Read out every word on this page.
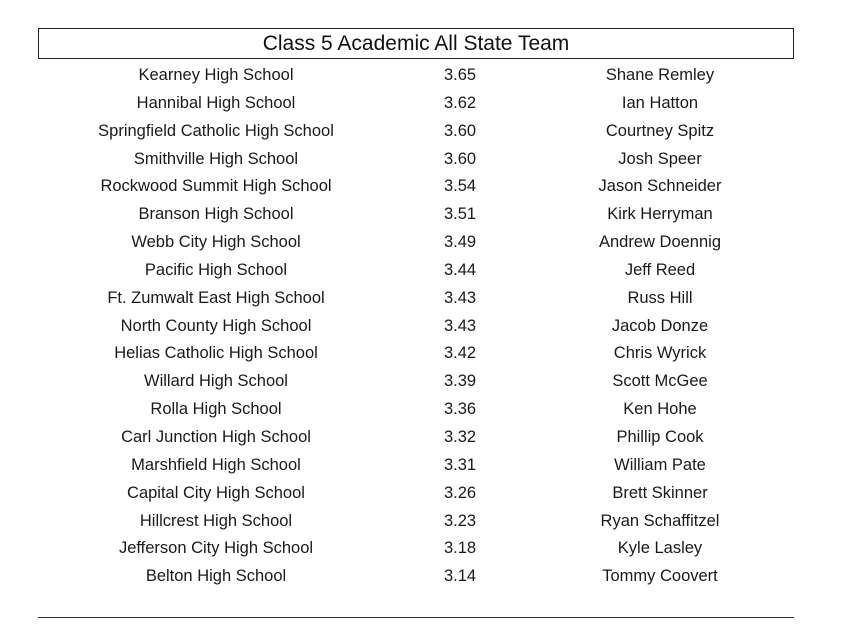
Class 5 Academic All State Team
Kearney High School	3.65	Shane Remley
Hannibal High School	3.62	Ian Hatton
Springfield Catholic High School	3.60	Courtney Spitz
Smithville High School	3.60	Josh Speer
Rockwood Summit High School	3.54	Jason Schneider
Branson High School	3.51	Kirk Herryman
Webb City High School	3.49	Andrew Doennig
Pacific High School	3.44	Jeff Reed
Ft. Zumwalt East High School	3.43	Russ Hill
North County High School	3.43	Jacob Donze
Helias Catholic High School	3.42	Chris Wyrick
Willard High School	3.39	Scott McGee
Rolla High School	3.36	Ken Hohe
Carl Junction High School	3.32	Phillip Cook
Marshfield High School	3.31	William Pate
Capital City High School	3.26	Brett Skinner
Hillcrest High School	3.23	Ryan Schaffitzel
Jefferson City High School	3.18	Kyle Lasley
Belton High School	3.14	Tommy Coovert
